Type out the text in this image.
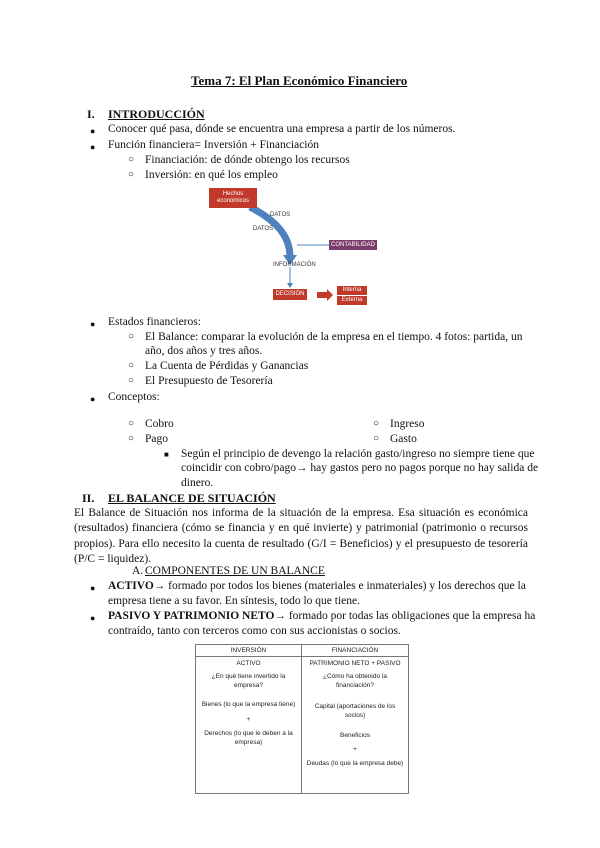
Tema 7: El Plan Económico Financiero
I. INTRODUCCIÓN
● Conocer qué pasa, dónde se encuentra una empresa a partir de los números.
● Función financiera= Inversión + Financiación
○ Financiación: de dónde obtengo los recursos
○ Inversión: en qué los empleo
Hechos económicos
DATOS
DATOS
CONTABILIDAD
INFORMACIÓN
DECISIÓN
Interna
Externa
● Estados financieros:
○ El Balance: comparar la evolución de la empresa en el tiempo. 4 fotos: partida, un
año, dos años y tres años.
○ La Cuenta de Pérdidas y Ganancias
○ El Presupuesto de Tesorería
● Conceptos:
○ Cobro
○ Pago
○ Ingreso
○ Gasto
■ Según el principio de devengo la relación gasto/ingreso no siempre tiene que
coincidir con cobro/pago→ hay gastos pero no pagos porque no hay salida de
dinero.
II. EL BALANCE DE SITUACIÓN
El Balance de Situación nos informa de la situación de la empresa. Esa situación es económica (resultados) financiera (cómo se financia y en qué invierte) y patrimonial (patrimonio o recursos propios). Para ello necesito la cuenta de resultado (G/I = Beneficios) y el presupuesto de tesorería (P/C = liquidez).
A. COMPONENTES DE UN BALANCE
● ACTIVO→ formado por todos los bienes (materiales e inmateriales) y los derechos que la
empresa tiene a su favor. En síntesis, todo lo que tiene.
● PASIVO Y PATRIMONIO NETO→ formado por todas las obligaciones que la empresa ha
contraído, tanto con terceros como con sus accionistas o socios.
INVERSIÓN
ACTIVO
¿En qué tiene invertido la empresa?
Bienes (lo que la empresa tiene)
+
Derechos (lo que le deben a la empresa)
FINANCIACIÓN
PATRIMONIO NETO + PASIVO
¿Cómo ha obtenido la financiación?
Capital (aportaciones de los socios)
Beneficios
+
Deudas (lo que la empresa debe)
